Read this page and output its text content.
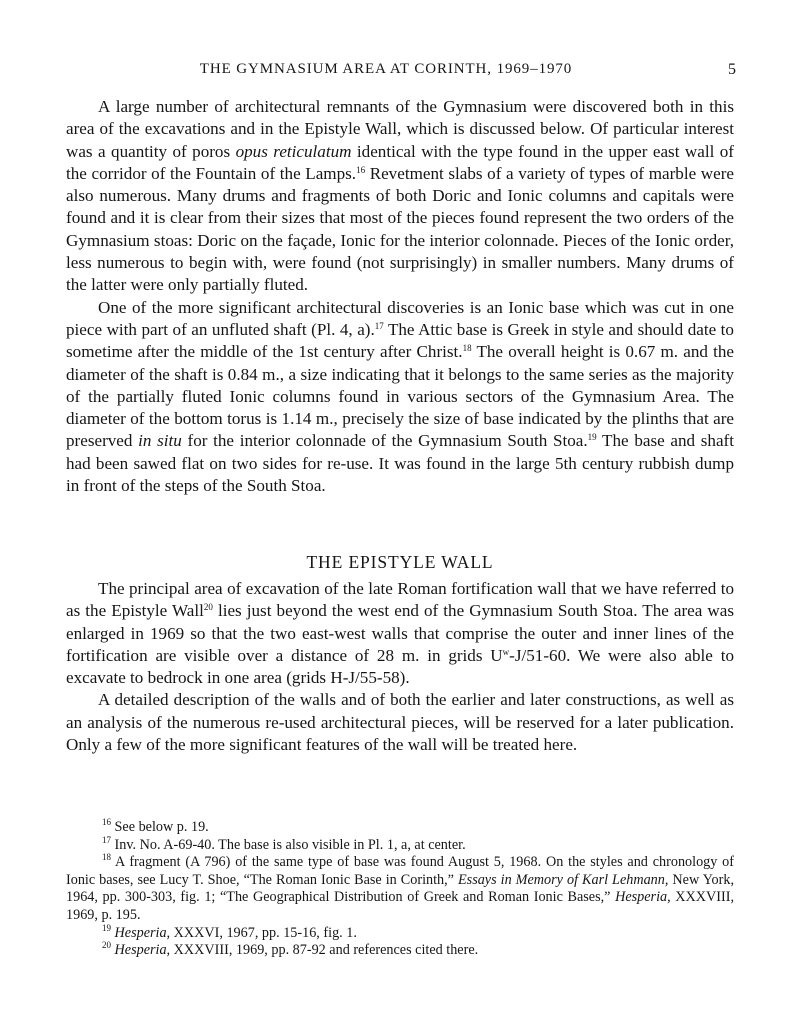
THE GYMNASIUM AREA AT CORINTH, 1969–1970	5

A large number of architectural remnants of the Gymnasium were discovered both in this area of the excavations and in the Epistyle Wall, which is discussed below. Of particular interest was a quantity of poros opus reticulatum identical with the type found in the upper east wall of the corridor of the Fountain of the Lamps.$^{16}$ Revetment slabs of a variety of types of marble were also numerous. Many drums and fragments of both Doric and Ionic columns and capitals were found and it is clear from their sizes that most of the pieces found represent the two orders of the Gymnasium stoas: Doric on the façade, Ionic for the interior colonnade. Pieces of the Ionic order, less numerous to begin with, were found (not surprisingly) in smaller numbers. Many drums of the latter were only partially fluted.

One of the more significant architectural discoveries is an Ionic base which was cut in one piece with part of an unfluted shaft (Pl. 4, a).$^{17}$ The Attic base is Greek in style and should date to sometime after the middle of the 1st century after Christ.$^{18}$ The overall height is 0.67 m. and the diameter of the shaft is 0.84 m., a size indicating that it belongs to the same series as the majority of the partially fluted Ionic columns found in various sectors of the Gymnasium Area. The diameter of the bottom torus is 1.14 m., precisely the size of base indicated by the plinths that are preserved in situ for the interior colonnade of the Gymnasium South Stoa.$^{19}$ The base and shaft had been sawed flat on two sides for re-use. It was found in the large 5th century rubbish dump in front of the steps of the South Stoa.

THE EPISTYLE WALL

The principal area of excavation of the late Roman fortification wall that we have referred to as the Epistyle Wall$^{20}$ lies just beyond the west end of the Gymnasium South Stoa. The area was enlarged in 1969 so that the two east-west walls that comprise the outer and inner lines of the fortification are visible over a distance of 28 m. in grids $U^w-J/51-60$. We were also able to excavate to bedrock in one area (grids H-J/55-58).

A detailed description of the walls and of both the earlier and later constructions, as well as an analysis of the numerous re-used architectural pieces, will be reserved for a later publication. Only a few of the more significant features of the wall will be treated here.

$^{16}$ See below p. 19.

$^{17}$ Inv. No. A-69-40. The base is also visible in Pl. 1, a, at center.

$^{18}$ A fragment (A 796) of the same type of base was found August 5, 1968. On the styles and chronology of Ionic bases, see Lucy T. Shoe, “The Roman Ionic Base in Corinth,” Essays in Memory of Karl Lehmann, New York, 1964, pp. 300-303, fig. 1; “The Geographical Distribution of Greek and Roman Ionic Bases,” Hesperia, XXXVIII, 1969, p. 195.

$^{19}$ Hesperia, XXXVI, 1967, pp. 15-16, fig. 1.

$^{20}$ Hesperia, XXXVIII, 1969, pp. 87-92 and references cited there.
